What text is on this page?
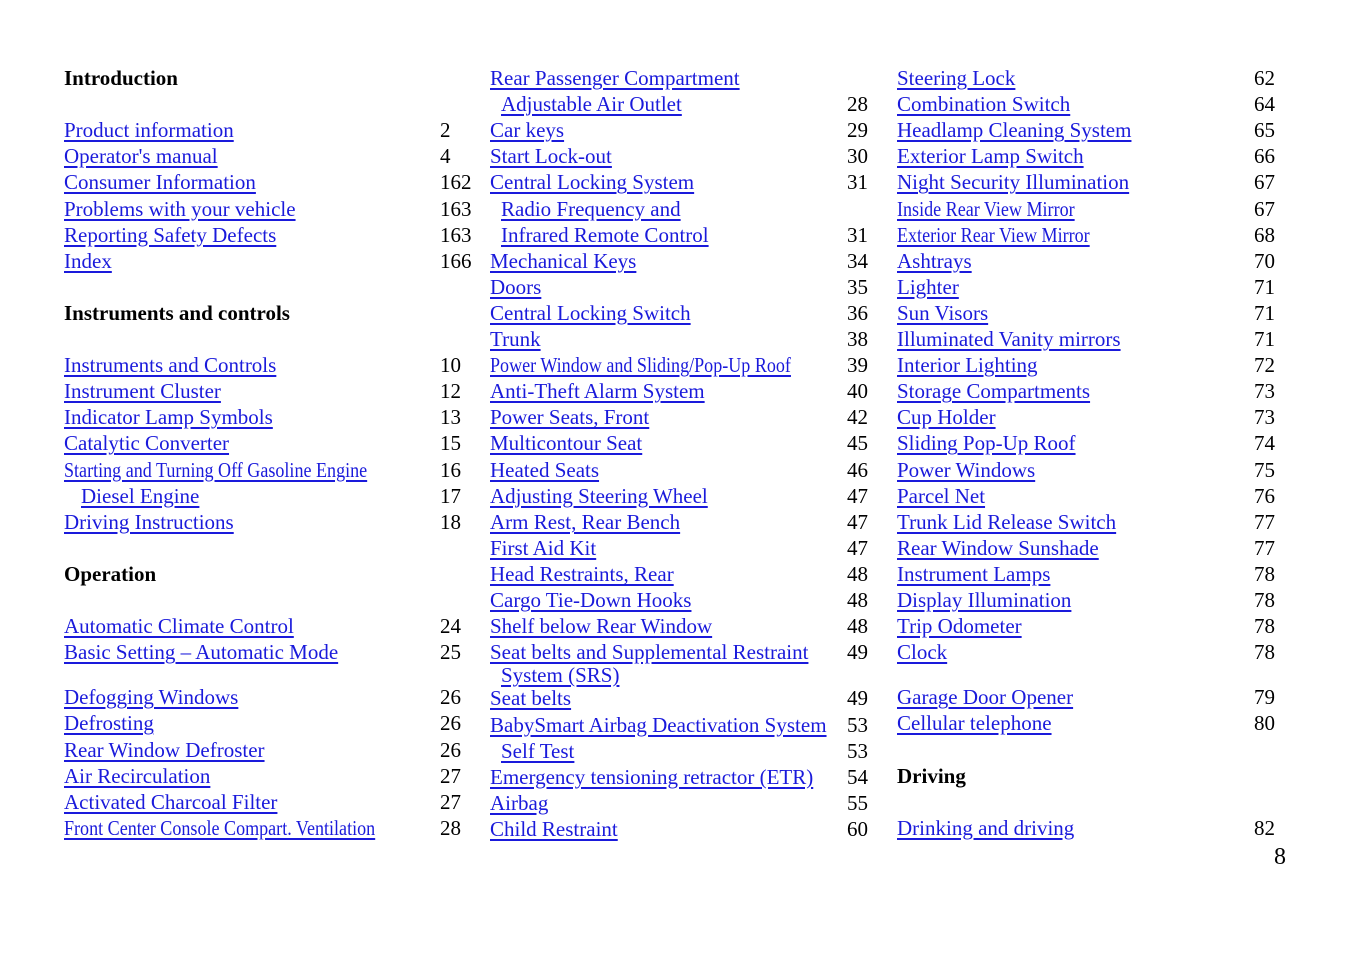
Introduction
Product information	2
Operator's manual	4
Consumer Information	162
Problems with your vehicle	163
Reporting Safety Defects	163
Index	166
Instruments and controls
Instruments and Controls	10
Instrument Cluster	12
Indicator Lamp Symbols	13
Catalytic Converter	15
Starting and Turning Off Gasoline Engine	16
Diesel Engine	17
Driving Instructions	18
Operation
Automatic Climate Control	24
Basic Setting – Automatic Mode	25
Defogging Windows	26
Defrosting	26
Rear Window Defroster	26
Air Recirculation	27
Activated Charcoal Filter	27
Front Center Console Compart. Ventilation	28
Rear Passenger Compartment
Adjustable Air Outlet	28
Car keys	29
Start Lock-out	30
Central Locking System	31
Radio Frequency and
Infrared Remote Control	31
Mechanical Keys	34
Doors	35
Central Locking Switch	36
Trunk	38
Power Window and Sliding/Pop-Up Roof	39
Anti-Theft Alarm System	40
Power Seats, Front	42
Multicontour Seat	45
Heated Seats	46
Adjusting Steering Wheel	47
Arm Rest, Rear Bench	47
First Aid Kit	47
Head Restraints, Rear	48
Cargo Tie-Down Hooks	48
Shelf below Rear Window	48
Seat belts and Supplemental Restraint 49
System (SRS)
Seat belts	49
BabySmart Airbag Deactivation System 53
Self Test	53
Emergency tensioning retractor (ETR) 54
Airbag	55
Child Restraint	60
Steering Lock	62
Combination Switch	64
Headlamp Cleaning System	65
Exterior Lamp Switch	66
Night Security Illumination	67
Inside Rear View Mirror	67
Exterior Rear View Mirror	68
Ashtrays	70
Lighter	71
Sun Visors	71
Illuminated Vanity mirrors	71
Interior Lighting	72
Storage Compartments	73
Cup Holder	73
Sliding Pop-Up Roof	74
Power Windows	75
Parcel Net	76
Trunk Lid Release Switch	77
Rear Window Sunshade	77
Instrument Lamps	78
Display Illumination	78
Trip Odometer	78
Clock	78
Garage Door Opener	79
Cellular telephone	80
Driving
Drinking and driving	82
8
